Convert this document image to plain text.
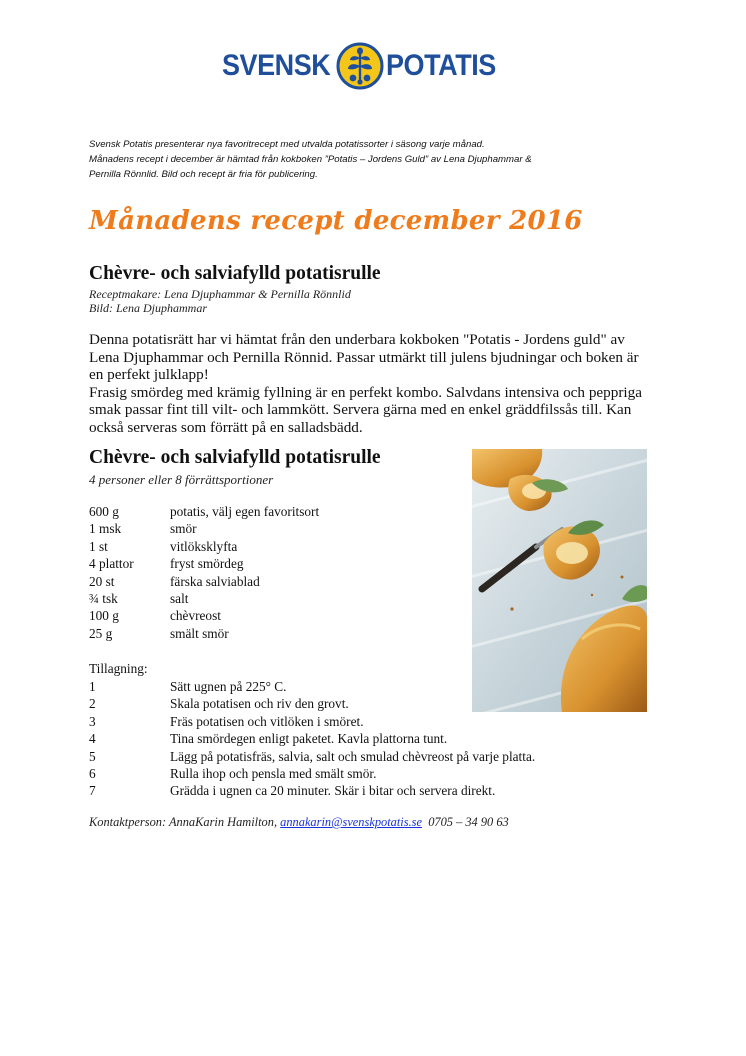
SVENSK POTATIS

Svensk Potatis presenterar nya favoritrecept med utvalda potatissorter i säsong varje månad.

Månadens recept i december är hämtad från kokboken ”Potatis – Jordens Guld” av Lena Djuphammar &

Pernilla Rönnlid. Bild och recept är fria för publicering.

Månadens recept december 2016
Chèvre- och salviafylld potatisrulle
Receptmakare: Lena Djuphammar & Pernilla Rönnlid
Bild: Lena Djuphammar

Denna potatisrätt har vi hämtat från den underbara kokboken "Potatis - Jordens guld" av Lena Djuphammar och Pernilla Rönnid. Passar utmärkt till julens bjudningar och boken är en perfekt julklapp!

Frasig smördeg med krämig fyllning är en perfekt kombo. Salvdans intensiva och peppriga smak passar fint till vilt- och lammkött. Servera gärna med en enkel gräddfilssås till. Kan också serveras som förrätt på en salladsbädd.

Chèvre- och salviafylld potatisrulle
4 personer eller 8 förrättsportioner
600 g	potatis, välj egen favoritsort
1 msk	smör
1 st	vitlöksklyfta
4 plattor	fryst smördeg
20 st	färska salviablad
¾ tsk	salt
100 g	chèvreost
25 g	smält smör
Tillagning:
1	Sätt ugnen på 225° C.
2	Skala potatisen och riv den grovt.
3	Fräs potatisen och vitlöken i smöret.
4	Tina smördegen enligt paketet. Kavla plattorna tunt.
5	Lägg på potatisfräs, salvia, salt och smulad chèvreost på varje platta.
6	Rulla ihop och pensla med smält smör.
7	Grädda i ugnen ca 20 minuter. Skär i bitar och servera direkt.
Kontaktperson: AnnaKarin Hamilton, annakarin@svenskpotatis.se 0705 – 34 90 63
